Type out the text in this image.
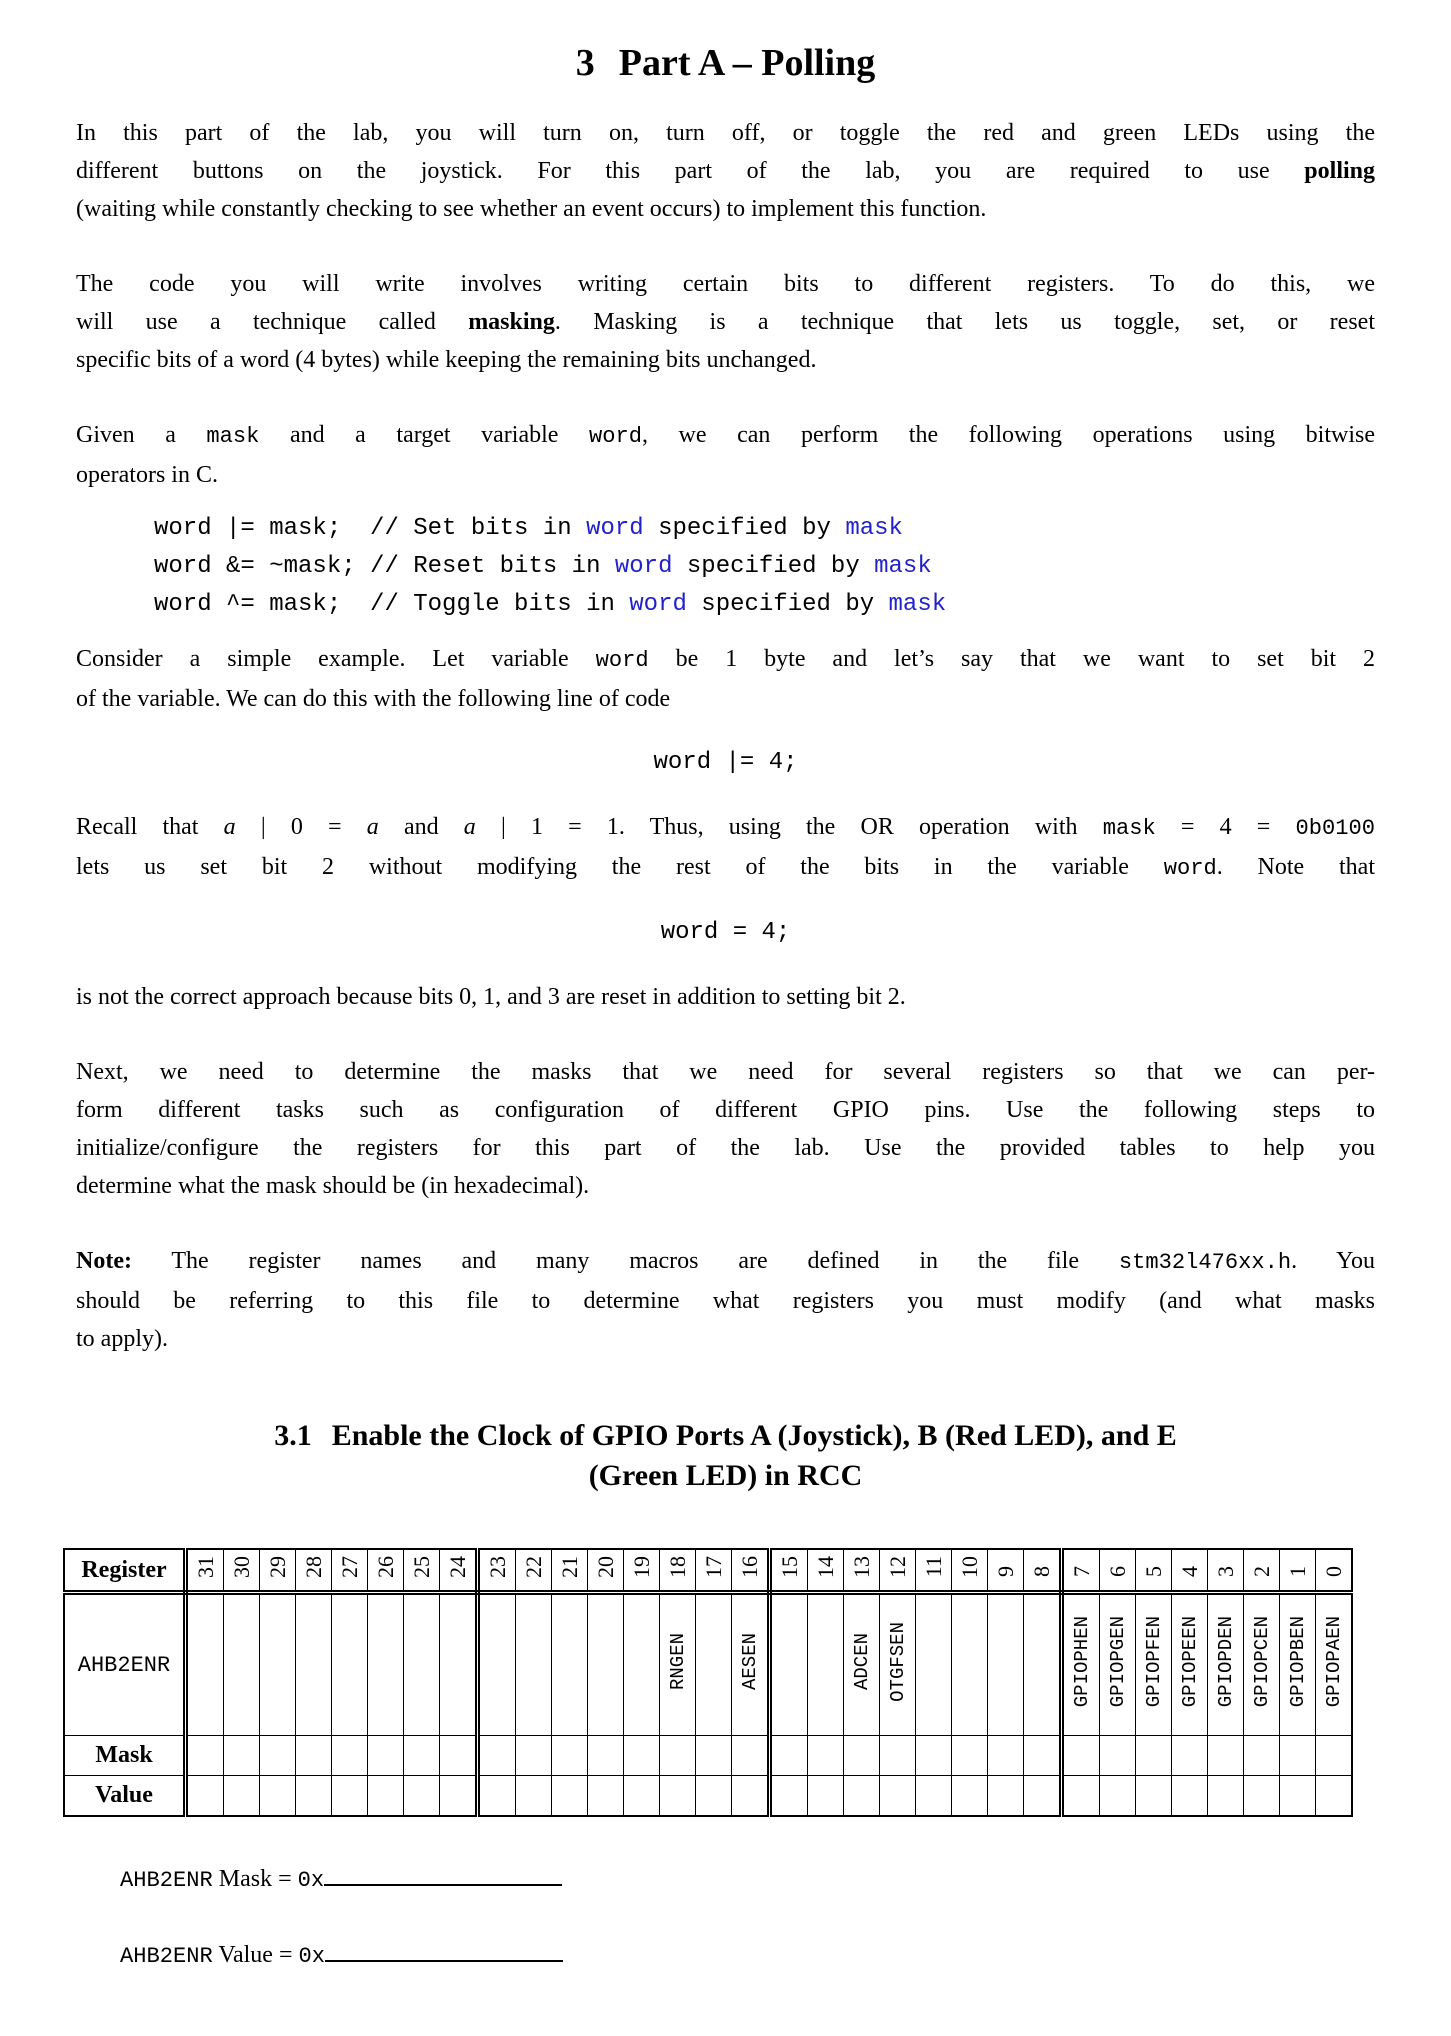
3 Part A – Polling
In this part of the lab, you will turn on, turn off, or toggle the red and green LEDs using the
different buttons on the joystick. For this part of the lab, you are required to use polling
(waiting while constantly checking to see whether an event occurs) to implement this function.
The code you will write involves writing certain bits to different registers. To do this, we
will use a technique called masking. Masking is a technique that lets us toggle, set, or reset
specific bits of a word (4 bytes) while keeping the remaining bits unchanged.
Given a mask and a target variable word, we can perform the following operations using bitwise
operators in C.
word |= mask;  // Set bits in word specified by mask
word &= ~mask; // Reset bits in word specified by mask
word ^= mask;  // Toggle bits in word specified by mask
Consider a simple example. Let variable word be 1 byte and let’s say that we want to set bit 2
of the variable. We can do this with the following line of code
word |= 4;
Recall that a | 0 = a and a | 1 = 1. Thus, using the OR operation with mask = 4 = 0b0100
lets us set bit 2 without modifying the rest of the bits in the variable word. Note that
word = 4;
is not the correct approach because bits 0, 1, and 3 are reset in addition to setting bit 2.
Next, we need to determine the masks that we need for several registers so that we can per-
form different tasks such as configuration of different GPIO pins. Use the following steps to
initialize/configure the registers for this part of the lab. Use the provided tables to help you
determine what the mask should be (in hexadecimal).
Note: The register names and many macros are defined in the file stm32l476xx.h. You
should be referring to this file to determine what registers you must modify (and what masks
to apply).
3.1 Enable the Clock of GPIO Ports A (Joystick), B (Red LED), and E
(Green LED) in RCC
Register	31	30	29	28	27	26	25	24	23	22	21	20	19	18	17	16	15	14	13	12	11	10	9	8	7	6	5	4	3	2	1	0
AHB2ENR														RNGEN		AESEN			ADCEN	OTGFSEN					GPIOPHEN	GPIOPGEN	GPIOPFEN	GPIOPEEN	GPIOPDEN	GPIOPCEN	GPIOPBEN	GPIOPAEN
Mask																																
Value																																
AHB2ENR Mask = 0x
AHB2ENR Value = 0x
